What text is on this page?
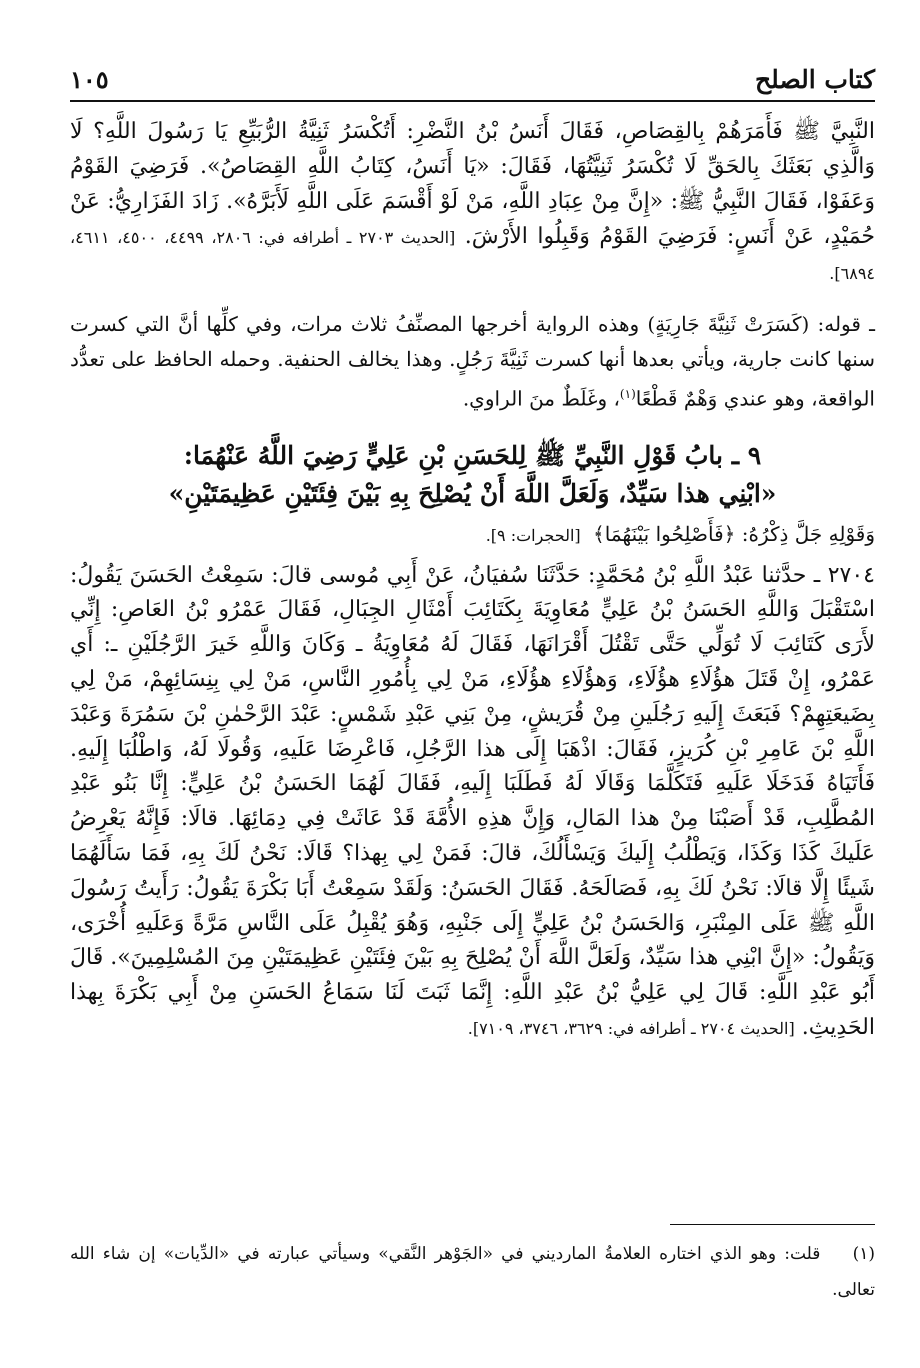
كتاب الصلح
١٠٥
النَّبِيَّ ﷺ فَأَمَرَهُمْ بِالقِصَاصِ، فَقَالَ أَنَسُ بْنُ النَّضْرِ: أَتُكْسَرُ ثَنِيَّةُ الرُّبَيِّعِ يَا رَسُولَ اللَّهِ؟ لَا وَالَّذِي بَعَثَكَ بِالحَقِّ لَا تُكْسَرُ ثَنِيَّتُهَا، فَقَالَ: «يَا أَنَسُ، كِتَابُ اللَّهِ القِصَاصُ». فَرَضِيَ القَوْمُ وَعَفَوْا، فَقَالَ النَّبِيُّ ﷺ: «إِنَّ مِنْ عِبَادِ اللَّهِ، مَنْ لَوْ أَقْسَمَ عَلَى اللَّهِ لَأَبَرَّهُ». زَادَ الفَزَارِيُّ: عَنْ حُمَيْدٍ، عَنْ أَنَسٍ: فَرَضِيَ القَوْمُ وَقَبِلُوا الأَرْشَ. [الحديث ٢٧٠٣ ـ أطرافه في: ٢٨٠٦، ٤٤٩٩، ٤٥٠٠، ٤٦١١، ٦٨٩٤].
ـ قوله: (كَسَرَتْ ثَنِيَّةَ جَارِيَةٍ) وهذه الرواية أخرجها المصنِّفُ ثلاث مرات، وفي كلِّها أنَّ التي كسرت سنها كانت جارية، ويأتي بعدها أنها كسرت ثَنِيَّةَ رَجُلٍ. وهذا يخالف الحنفية. وحمله الحافظ على تعدُّد الواقعة، وهو عندي وَهْمٌ قَطْعًا$^{(١)}$، وغَلَطٌ منَ الراوي.
٩ ـ بابُ قَوْلِ النَّبِيِّ ﷺ لِلحَسَنِ بْنِ عَلِيٍّ رَضِيَ اللَّهُ عَنْهُمَا:
«ابْنِي هذا سَيِّدٌ، وَلَعَلَّ اللَّهَ أَنْ يُصْلِحَ بِهِ بَيْنَ فِئَتَيْنِ عَظِيمَتَيْنِ»
وَقَوْلِهِ جَلَّ ذِكْرُهُ: ﴿فَأَصْلِحُوا بَيْنَهُمَا﴾ [الحجرات: ٩].
٢٧٠٤ ـ حدَّثنا عَبْدُ اللَّهِ بْنُ مُحَمَّدٍ: حَدَّثَنَا سُفيَانُ، عَنْ أَبِي مُوسى قالَ: سَمِعْتُ الحَسَنَ يَقُولُ: اسْتَقْبَلَ وَاللَّهِ الحَسَنُ بْنُ عَلِيٍّ مُعَاوِيَةَ بِكَتَائِبَ أَمْثَالِ الجِبَالِ، فَقَالَ عَمْرُو بْنُ العَاصِ: إِنِّي لأَرَى كَتَائِبَ لَا تُوَلِّي حَتَّى تَقْتُلَ أَقْرَانَهَا، فَقَالَ لَهُ مُعَاوِيَةُ ـ وَكَانَ وَاللَّهِ خَيرَ الرَّجُلَيْنِ ـ: أَي عَمْرُو، إِنْ قَتَلَ هؤُلَاءِ هؤُلَاءِ، وَهؤُلَاءِ هؤُلَاءِ، مَنْ لِي بِأُمُورِ النَّاسِ، مَنْ لِي بِنِسَائِهِمْ، مَنْ لِي بِضَيعَتِهِمْ؟ فَبَعَثَ إِلَيهِ رَجُلَينِ مِنْ قُرَيشٍ، مِنْ بَنِي عَبْدِ شَمْسٍ: عَبْدَ الرَّحْمٰنِ بْنَ سَمُرَةَ وَعَبْدَ اللَّهِ بْنَ عَامِرِ بْنِ كُرَيزٍ، فَقَالَ: اذْهَبَا إِلَى هذا الرَّجُلِ، فَاعْرِضَا عَلَيهِ، وَقُولَا لَهُ، وَاطْلُبَا إِلَيهِ. فَأَتَيَاهُ فَدَخَلَا عَلَيهِ فَتَكَلَّمَا وَقَالَا لَهُ فَطَلَبَا إِلَيهِ، فَقَالَ لَهُمَا الحَسَنُ بْنُ عَلِيٍّ: إِنَّا بَنُو عَبْدِ المُطَّلِبِ، قَدْ أَصَبْنَا مِنْ هذا المَالِ، وَإِنَّ هذِهِ الأُمَّةَ قَدْ عَاثَتْ فِي دِمَائِهَا. قالَا: فَإِنَّهُ يَعْرِضُ عَلَيكَ كَذَا وَكَذَا، وَيَطْلُبُ إِلَيكَ وَيَسْأَلُكَ، قالَ: فَمَنْ لِي بِهذا؟ قَالَا: نَحْنُ لَكَ بِهِ، فَمَا سَأَلَهُمَا شَيئًا إِلَّا قالَا: نَحْنُ لَكَ بِهِ، فَصَالَحَهُ. فَقَالَ الحَسَنُ: وَلَقَدْ سَمِعْتُ أَبَا بَكْرَةَ يَقُولُ: رَأَيتُ رَسُولَ اللَّهِ ﷺ عَلَى المِنْبَرِ، وَالحَسَنُ بْنُ عَلِيٍّ إِلَى جَنْبِهِ، وَهُوَ يُقْبِلُ عَلَى النَّاسِ مَرَّةً وَعَلَيهِ أُخْرَى، وَيَقُولُ: «إِنَّ ابْنِي هذا سَيِّدٌ، وَلَعَلَّ اللَّهَ أَنْ يُصْلِحَ بِهِ بَيْنَ فِئَتَيْنِ عَظِيمَتَيْنِ مِنَ المُسْلِمِينَ». قَالَ أَبُو عَبْدِ اللَّهِ: قَالَ لِي عَلِيُّ بْنُ عَبْدِ اللَّهِ: إِنَّمَا ثَبَتَ لَنَا سَمَاعُ الحَسَنِ مِنْ أَبِي بَكْرَةَ بِهذا الحَدِيثِ. [الحديث ٢٧٠٤ ـ أطرافه في: ٣٦٢٩، ٣٧٤٦، ٧١٠٩].
(١) قلت: وهو الذي اختاره العلامةُ المارديني في «الجَوْهر النَّقي» وسيأتي عبارته في «الدِّيات» إن شاء الله تعالى.
